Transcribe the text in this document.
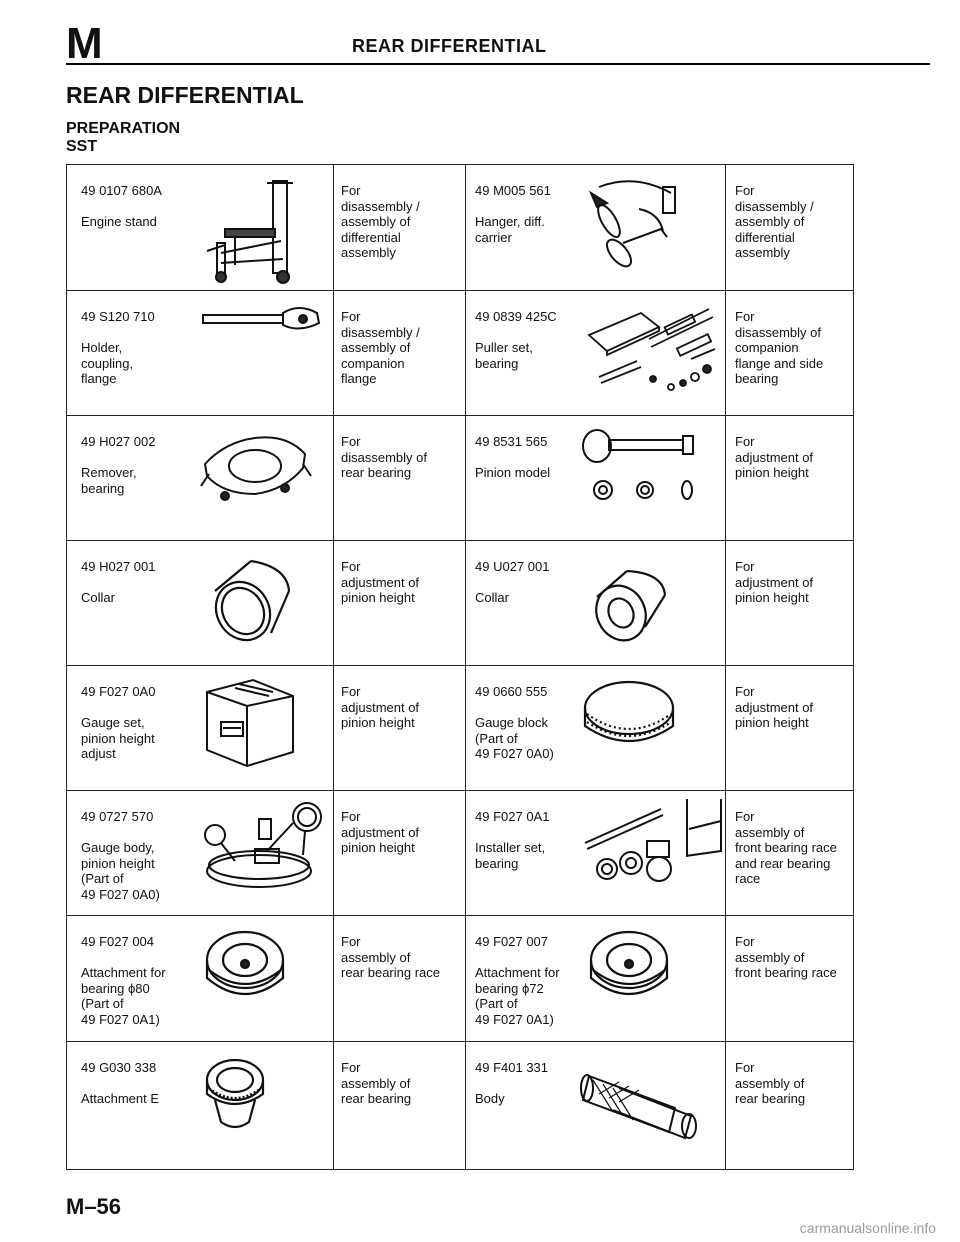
M	REAR DIFFERENTIAL
REAR DIFFERENTIAL
PREPARATION
SST
49 0107 680A
Engine stand
For
disassembly /
assembly of
differential
assembly
49 M005 561
Hanger, diff.
carrier
For
disassembly /
assembly of
differential
assembly
49 S120 710
Holder,
coupling,
flange
For
disassembly /
assembly of
companion
flange
49 0839 425C
Puller set,
bearing
For
disassembly of
companion
flange and side
bearing
49 H027 002
Remover,
bearing
For
disassembly of
rear bearing
49 8531 565
Pinion model
For
adjustment of
pinion height
49 H027 001
Collar
For
adjustment of
pinion height
49 U027 001
Collar
For
adjustment of
pinion height
49 F027 0A0
Gauge set,
pinion height
adjust
For
adjustment of
pinion height
49 0660 555
Gauge block
(Part of
49 F027 0A0)
For
adjustment of
pinion height
49 0727 570
Gauge body,
pinion height
(Part of
49 F027 0A0)
For
adjustment of
pinion height
49 F027 0A1
Installer set,
bearing
For
assembly of
front bearing race
and rear bearing
race
49 F027 004
Attachment for
bearing ϕ80
(Part of
49 F027 0A1)
For
assembly of
rear bearing race
49 F027 007
Attachment for
bearing ϕ72
(Part of
49 F027 0A1)
For
assembly of
front bearing race
49 G030 338
Attachment E
For
assembly of
rear bearing
49 F401 331
Body
For
assembly of
rear bearing
M–56
carmanualsonline.info
